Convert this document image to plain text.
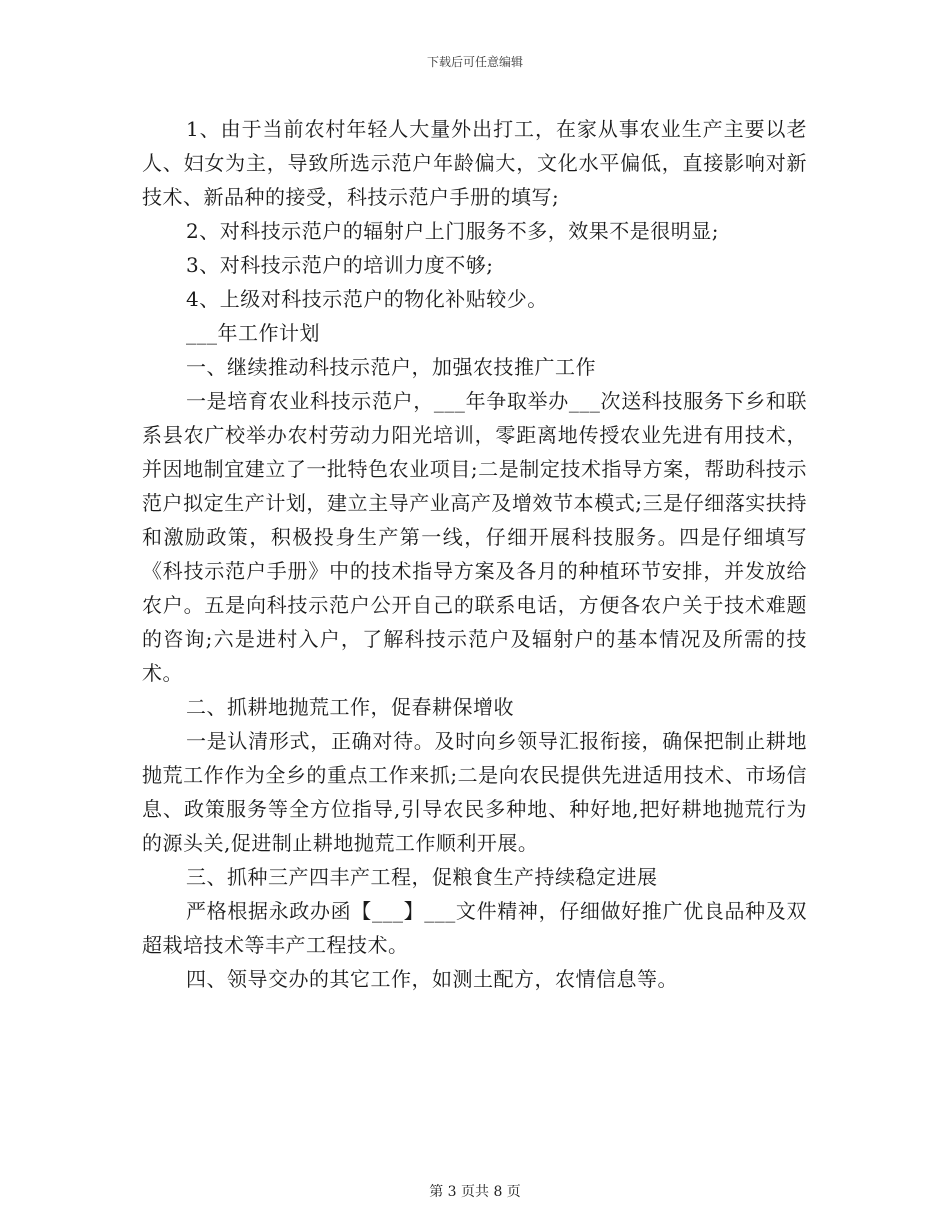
下载后可任意编辑

1、由于当前农村年轻人大量外出打工，在家从事农业生产主要以老人、妇女为主，导致所选示范户年龄偏大，文化水平偏低，直接影响对新技术、新品种的接受，科技示范户手册的填写;

2、对科技示范户的辐射户上门服务不多，效果不是很明显;

3、对科技示范户的培训力度不够;

4、上级对科技示范户的物化补贴较少。

___年工作计划

一、继续推动科技示范户，加强农技推广工作

一是培育农业科技示范户，___年争取举办___次送科技服务下乡和联系县农广校举办农村劳动力阳光培训，零距离地传授农业先进有用技术，并因地制宜建立了一批特色农业项目;二是制定技术指导方案，帮助科技示范户拟定生产计划，建立主导产业高产及增效节本模式;三是仔细落实扶持和激励政策，积极投身生产第一线，仔细开展科技服务。四是仔细填写《科技示范户手册》中的技术指导方案及各月的种植环节安排，并发放给农户。五是向科技示范户公开自己的联系电话，方便各农户关于技术难题的咨询;六是进村入户，了解科技示范户及辐射户的基本情况及所需的技术。

二、抓耕地抛荒工作，促春耕保增收

一是认清形式，正确对待。及时向乡领导汇报衔接，确保把制止耕地抛荒工作作为全乡的重点工作来抓;二是向农民提供先进适用技术、市场信息、政策服务等全方位指导,引导农民多种地、种好地,把好耕地抛荒行为的源头关,促进制止耕地抛荒工作顺利开展。

三、抓种三产四丰产工程，促粮食生产持续稳定进展

严格根据永政办函【___】___文件精神，仔细做好推广优良品种及双超栽培技术等丰产工程技术。

四、领导交办的其它工作，如测土配方，农情信息等。

第 3 页共 8 页
